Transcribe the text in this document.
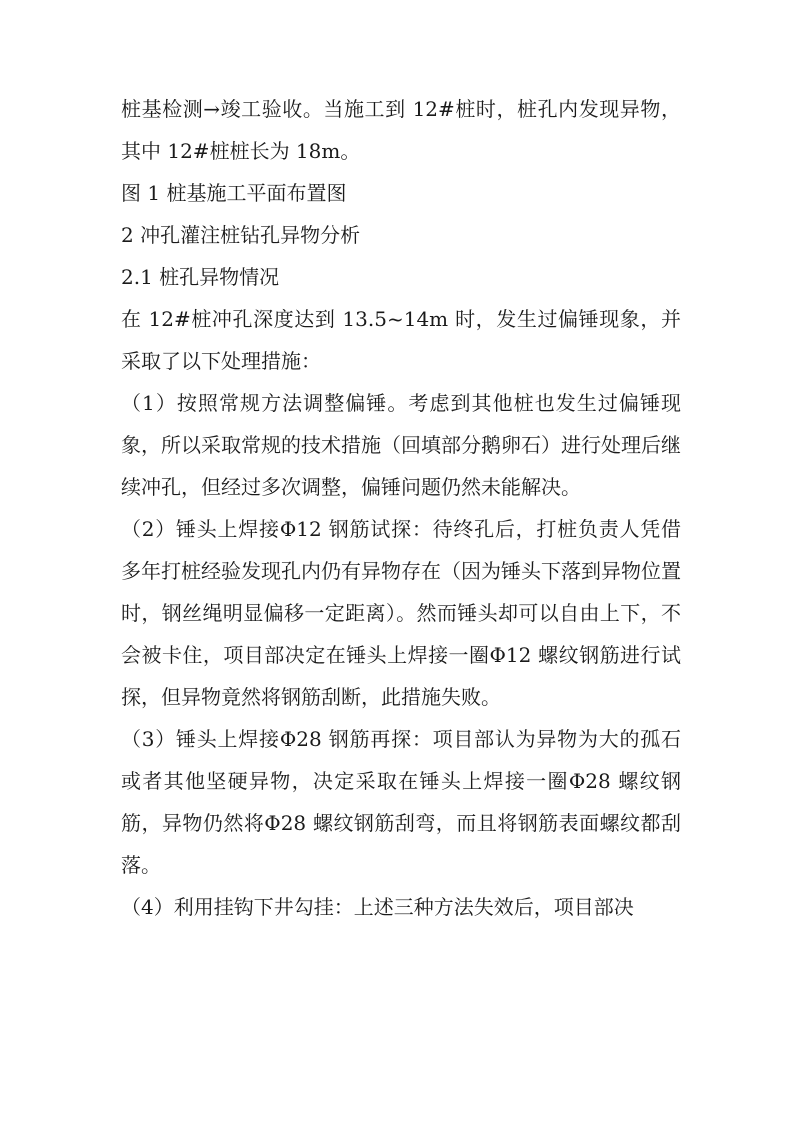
桩基检测→竣工验收。当施工到 12#桩时，桩孔内发现异物，其中 12#桩桩长为 18m。

图 1 桩基施工平面布置图

2 冲孔灌注桩钻孔异物分析

2.1 桩孔异物情况

在 12#桩冲孔深度达到 13.5~14m 时，发生过偏锤现象，并采取了以下处理措施：

（1）按照常规方法调整偏锤。考虑到其他桩也发生过偏锤现象，所以采取常规的技术措施（回填部分鹅卵石）进行处理后继续冲孔，但经过多次调整，偏锤问题仍然未能解决。

（2）锤头上焊接Φ12 钢筋试探：待终孔后，打桩负责人凭借多年打桩经验发现孔内仍有异物存在（因为锤头下落到异物位置时，钢丝绳明显偏移一定距离）。然而锤头却可以自由上下，不会被卡住，项目部决定在锤头上焊接一圈Φ12 螺纹钢筋进行试探，但异物竟然将钢筋刮断，此措施失败。

（3）锤头上焊接Φ28 钢筋再探：项目部认为异物为大的孤石或者其他坚硬异物，决定采取在锤头上焊接一圈Φ28 螺纹钢筋，异物仍然将Φ28 螺纹钢筋刮弯，而且将钢筋表面螺纹都刮落。

（4）利用挂钩下井勾挂：上述三种方法失效后，项目部决
